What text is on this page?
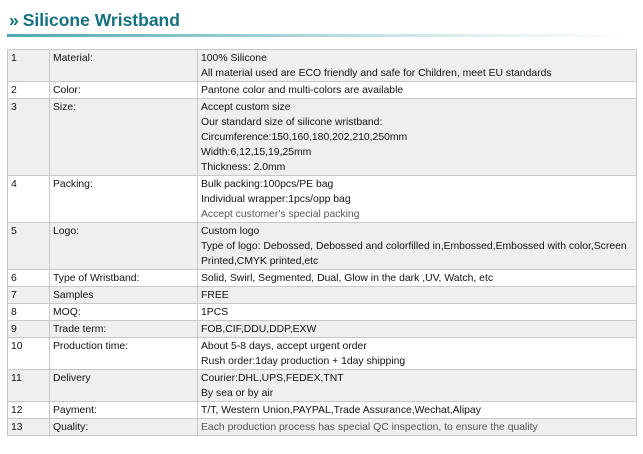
» Silicone Wristband
1	Material:	100% Silicone
All material used are ECO friendly and safe for Children, meet EU standards

2	Color:	Pantone color and multi-colors are available

3	Size:	Accept custom size
Our standard size of silicone wristband:
Circumference:150,160,180,202,210,250mm
Width:6,12,15,19,25mm
Thickness: 2.0mm

4	Packing:	Bulk packing:100pcs/PE bag
Individual wrapper:1pcs/opp bag
Accept customer's special packing

5	Logo:	Custom logo
Type of logo: Debossed, Debossed and colorfilled in,Embossed,Embossed with color,Screen Printed,CMYK printed,etc

6	Type of Wristband:	Solid, Swirl, Segmented, Dual, Glow in the dark ,UV, Watch, etc

7	Samples	FREE

8	MOQ:	1PCS

9	Trade term:	FOB,CIF,DDU,DDP,EXW

10	Production time:	About 5-8 days, accept urgent order
Rush order:1day production + 1day shipping

11	Delivery	Courier:DHL,UPS,FEDEX,TNT
By sea or by air

12	Payment:	T/T, Western Union,PAYPAL,Trade Assurance,Wechat,Alipay

13	Quality:	Each production process has special QC inspection, to ensure the quality
